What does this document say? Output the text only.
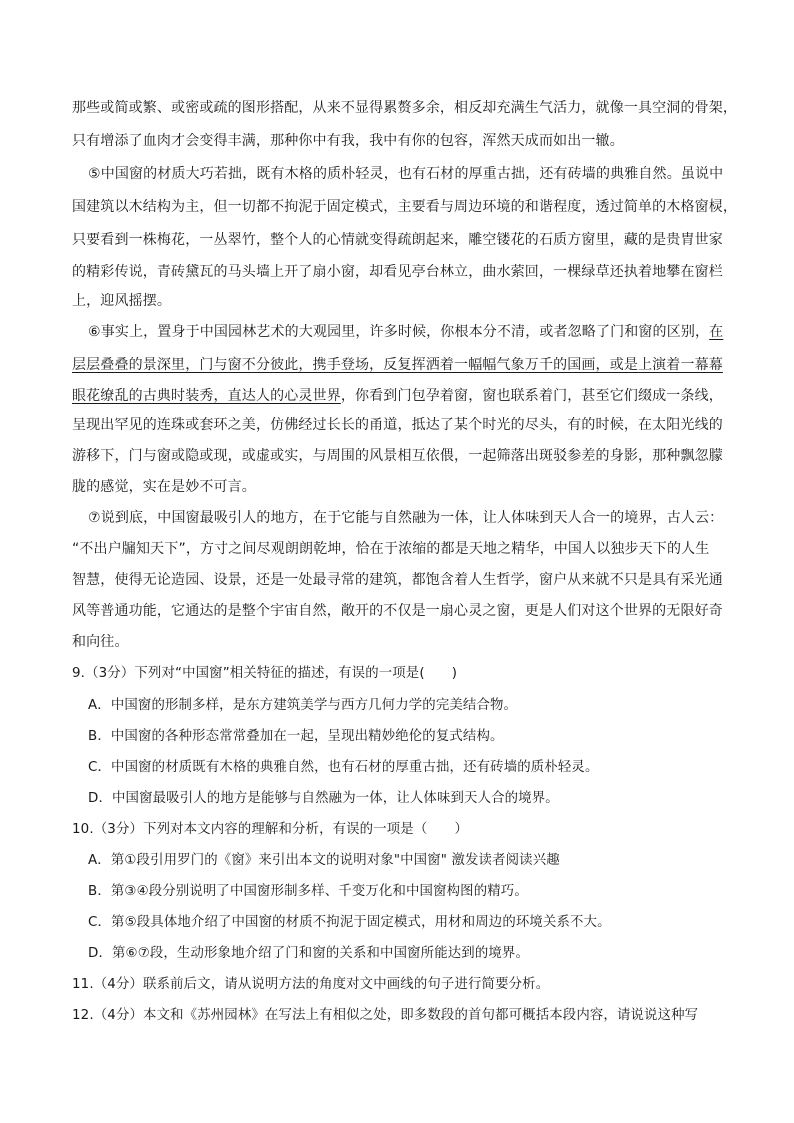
那些或简或繁、或密或疏的图形搭配，从来不显得累赘多余，相反却充满生气活力，就像一具空洞的骨架，
只有增添了血肉才会变得丰满，那种你中有我，我中有你的包容，浑然天成而如出一辙。
⑤中国窗的材质大巧若拙，既有木格的质朴轻灵，也有石材的厚重古拙，还有砖墙的典雅自然。虽说中
国建筑以木结构为主，但一切都不拘泥于固定模式，主要看与周边环境的和谐程度，透过简单的木格窗棂，
只要看到一株梅花，一丛翠竹，整个人的心情就变得疏朗起来，雕空镂花的石质方窗里，藏的是贵胄世家
的精彩传说，青砖黛瓦的马头墙上开了扇小窗，却看见亭台林立，曲水萦回，一棵绿草还执着地攀在窗栏
上，迎风摇摆。
⑥事实上，置身于中国园林艺术的大观园里，许多时候，你根本分不清，或者忽略了门和窗的区别，在
层层叠叠的景深里，门与窗不分彼此，携手登场，反复挥洒着一幅幅气象万千的国画，或是上演着一幕幕
眼花缭乱的古典时装秀，直达人的心灵世界，你看到门包孕着窗，窗也联系着门，甚至它们缀成一条线，
呈现出罕见的连珠或套环之美，仿佛经过长长的甬道，抵达了某个时光的尽头，有的时候，在太阳光线的
游移下，门与窗或隐或现，或虚或实，与周围的风景相互依偎，一起筛落出斑驳参差的身影，那种飘忽朦
胧的感觉，实在是妙不可言。
⑦说到底，中国窗最吸引人的地方，在于它能与自然融为一体，让人体味到天人合一的境界，古人云：
“不出户牖知天下”，方寸之间尽观朗朗乾坤，恰在于浓缩的都是天地之精华，中国人以独步天下的人生
智慧，使得无论造园、设景，还是一处最寻常的建筑，都饱含着人生哲学，窗户从来就不只是具有采光通
风等普通功能，它通达的是整个宇宙自然，敞开的不仅是一扇心灵之窗，更是人们对这个世界的无限好奇
和向往。
9.（3分）下列对“中国窗”相关特征的描述，有误的一项是(　　)
A．中国窗的形制多样，是东方建筑美学与西方几何力学的完美结合物。
B．中国窗的各种形态常常叠加在一起，呈现出精妙绝伦的复式结构。
C．中国窗的材质既有木格的典雅自然，也有石材的厚重古拙，还有砖墙的质朴轻灵。
D．中国窗最吸引人的地方是能够与自然融为一体，让人体味到天人合的境界。
10.（3分）下列对本文内容的理解和分析，有误的一项是（　　）
A．第①段引用罗门的《窗》来引出本文的说明对象"中国窗" 激发读者阅读兴趣
B．第③④段分别说明了中国窗形制多样、千变万化和中国窗构图的精巧。
C．第⑤段具体地介绍了中国窗的材质不拘泥于固定模式，用材和周边的环境关系不大。
D．第⑥⑦段，生动形象地介绍了门和窗的关系和中国窗所能达到的境界。
11.（4分）联系前后文，请从说明方法的角度对文中画线的句子进行简要分析。
12.（4分）本文和《苏州园林》在写法上有相似之处，即多数段的首句都可概括本段内容，请说说这种写
